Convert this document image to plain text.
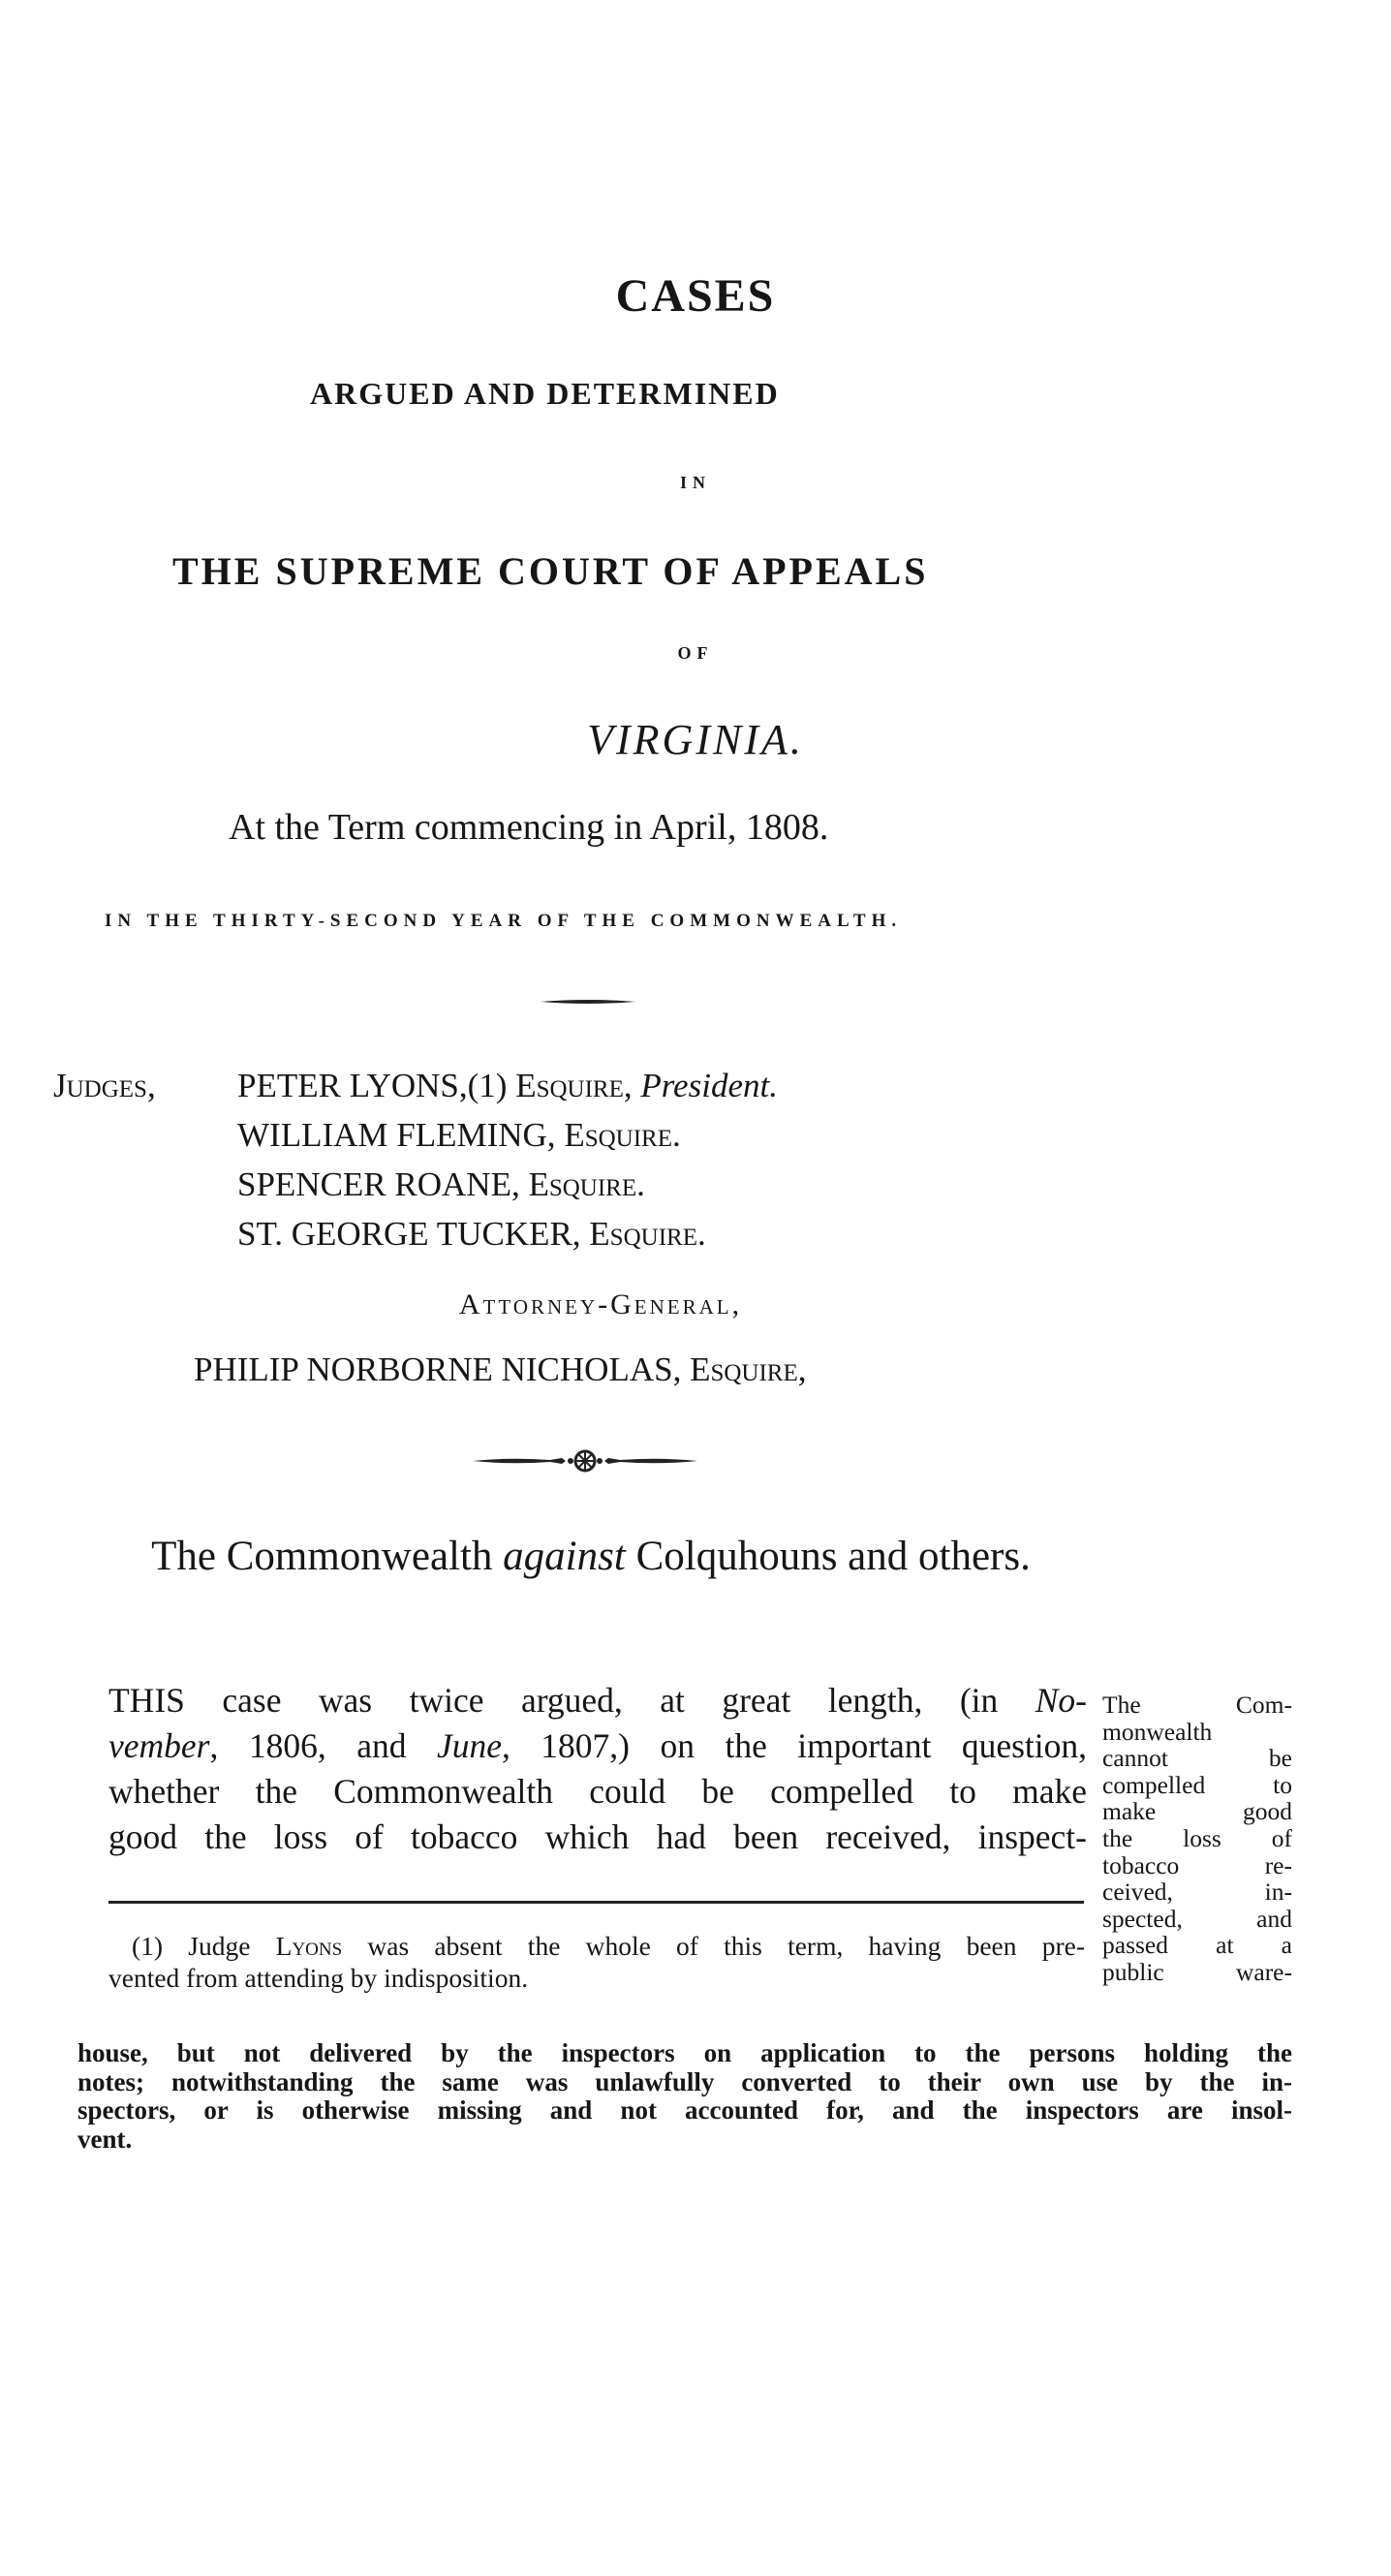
CASES
ARGUED AND DETERMINED
IN
THE SUPREME COURT OF APPEALS
OF
VIRGINIA.
At the Term commencing in April, 1808.
IN THE THIRTY-SECOND YEAR OF THE COMMONWEALTH.
Judges, PETER LYONS,(1) Esquire, President.
WILLIAM FLEMING, Esquire.
SPENCER ROANE, Esquire.
ST. GEORGE TUCKER, Esquire.
Attorney-General,
PHILIP NORBORNE NICHOLAS, Esquire,
The Commonwealth against Colquhouns and others.
THIS case was twice argued, at great length, (in No-
vember, 1806, and June, 1807,) on the important question,
whether the Commonwealth could be compelled to make
good the loss of tobacco which had been received, inspect-
The Com-
monwealth
cannot be
compelled to
make good
the loss of
tobacco re-
ceived, in-
spected, and
passed at a
public ware-
(1) Judge Lyons was absent the whole of this term, having been pre-
vented from attending by indisposition.
house, but not delivered by the inspectors on application to the persons holding the
notes; notwithstanding the same was unlawfully converted to their own use by the in-
spectors, or is otherwise missing and not accounted for, and the inspectors are insol-
vent.
